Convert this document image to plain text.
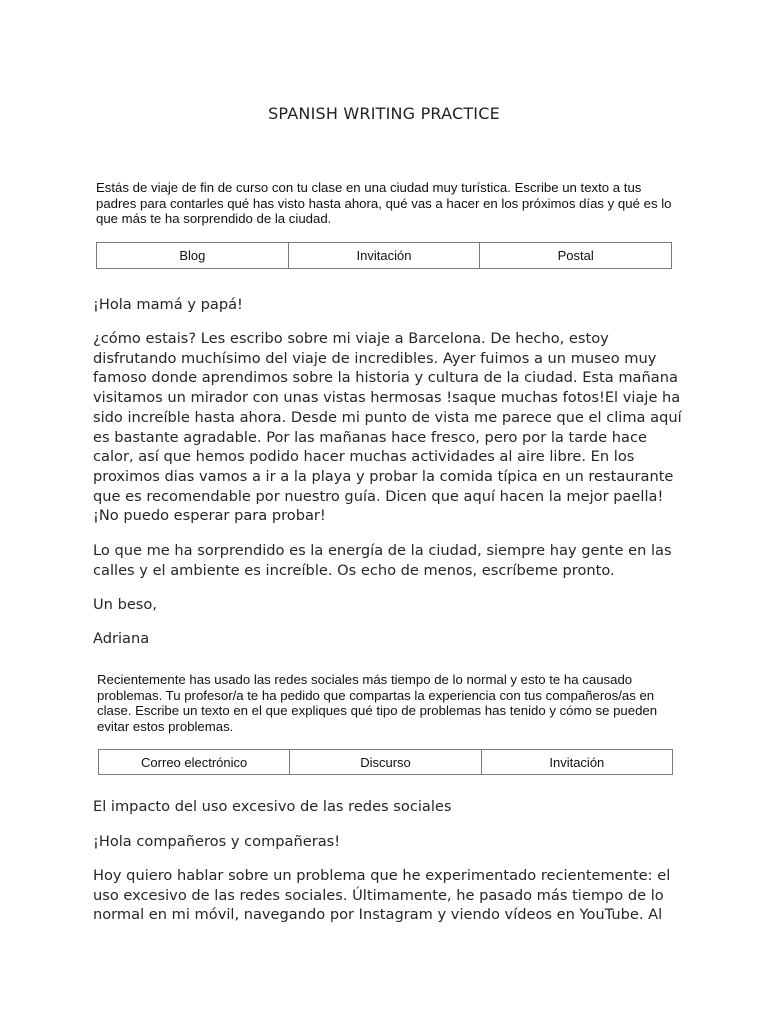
SPANISH WRITING PRACTICE

Estás de viaje de fin de curso con tu clase en una ciudad muy turística. Escribe un texto a tus padres para contarles qué has visto hasta ahora, qué vas a hacer en los próximos días y qué es lo que más te ha sorprendido de la ciudad.

Blog	Invitación	Postal

¡Hola mamá y papá!

¿cómo estais? Les escribo sobre mi viaje a Barcelona. De hecho, estoy disfrutando muchísimo del viaje de incredibles. Ayer fuimos a un museo muy famoso donde aprendimos sobre la historia y cultura de la ciudad. Esta mañana visitamos un mirador con unas vistas hermosas !saque muchas fotos!El viaje ha sido increíble hasta ahora. Desde mi punto de vista me parece que el clima aquí es bastante agradable. Por las mañanas hace fresco, pero por la tarde hace calor, así que hemos podido hacer muchas actividades al aire libre. En los proximos dias vamos a ir a la playa y probar la comida típica en un restaurante que es recomendable por nuestro guía. Dicen que aquí hacen la mejor paella! ¡No puedo esperar para probar!

Lo que me ha sorprendido es la energía de la ciudad, siempre hay gente en las calles y el ambiente es increíble. Os echo de menos, escríbeme pronto.

Un beso,

Adriana

Recientemente has usado las redes sociales más tiempo de lo normal y esto te ha causado problemas. Tu profesor/a te ha pedido que compartas la experiencia con tus compañeros/as en clase. Escribe un texto en el que expliques qué tipo de problemas has tenido y cómo se pueden evitar estos problemas.

Correo electrónico	Discurso	Invitación

El impacto del uso excesivo de las redes sociales

¡Hola compañeros y compañeras!

Hoy quiero hablar sobre un problema que he experimentado recientemente: el uso excesivo de las redes sociales. Últimamente, he pasado más tiempo de lo normal en mi móvil, navegando por Instagram y viendo vídeos en YouTube. Al
